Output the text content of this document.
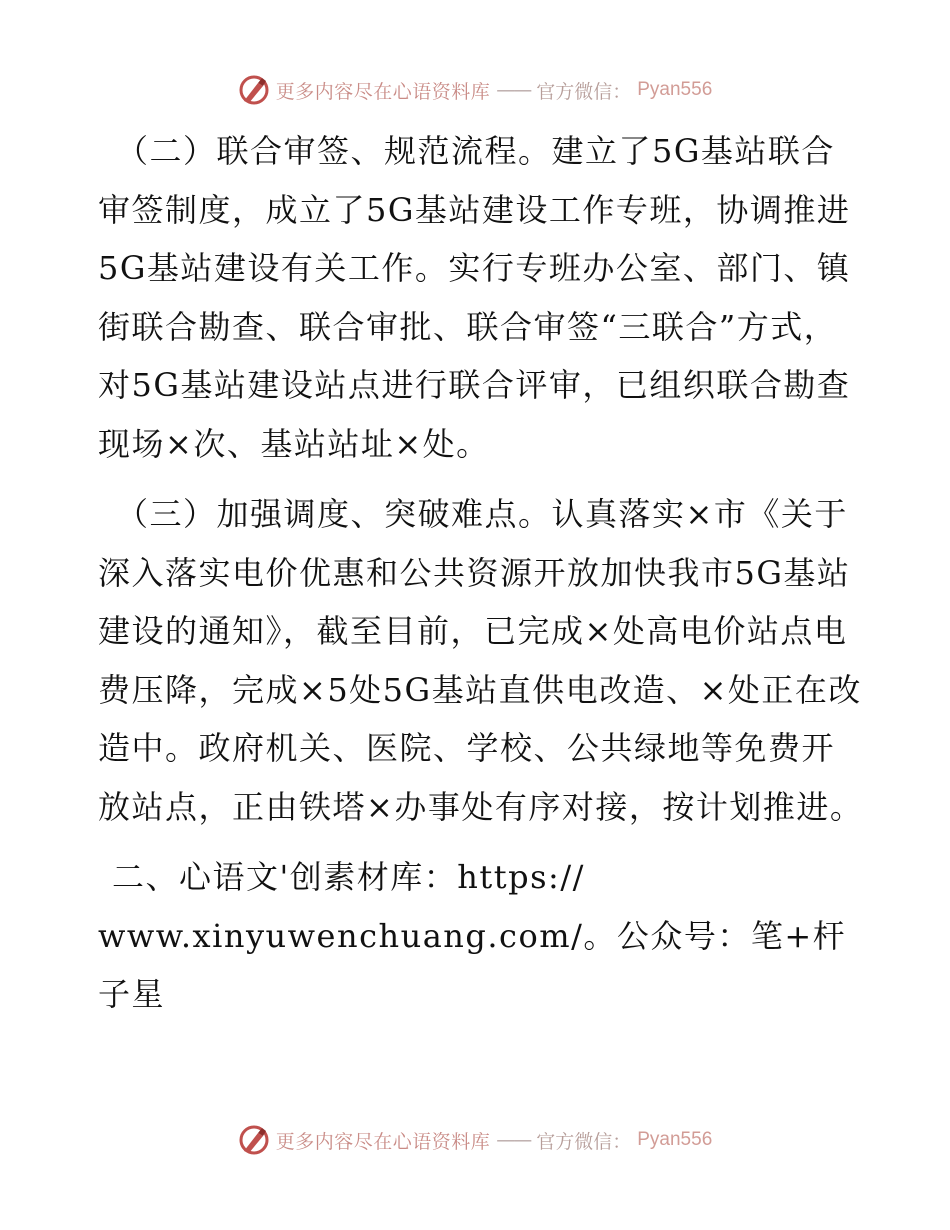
更多内容尽在心语资料库 —— 官方微信： Pyan556

（二）联合审签、规范流程。建立了5G基站联合审签制度，成立了5G基站建设工作专班，协调推进5G基站建设有关工作。实行专班办公室、部门、镇街联合勘查、联合审批、联合审签“三联合”方式，对5G基站建设站点进行联合评审，已组织联合勘查现场×次、基站站址×处。

（三）加强调度、突破难点。认真落实×市《关于深入落实电价优惠和公共资源开放加快我市5G基站建设的通知》，截至目前，已完成×处高电价站点电费压降，完成×5处5G基站直供电改造、×处正在改造中。政府机关、医院、学校、公共绿地等免费开放站点，正由铁塔×办事处有序对接，按计划推进。

二、心语文'创素材库：https://
www.xinyuwenchuang.com/。公众号：笔+杆子星

更多内容尽在心语资料库 —— 官方微信： Pyan556
